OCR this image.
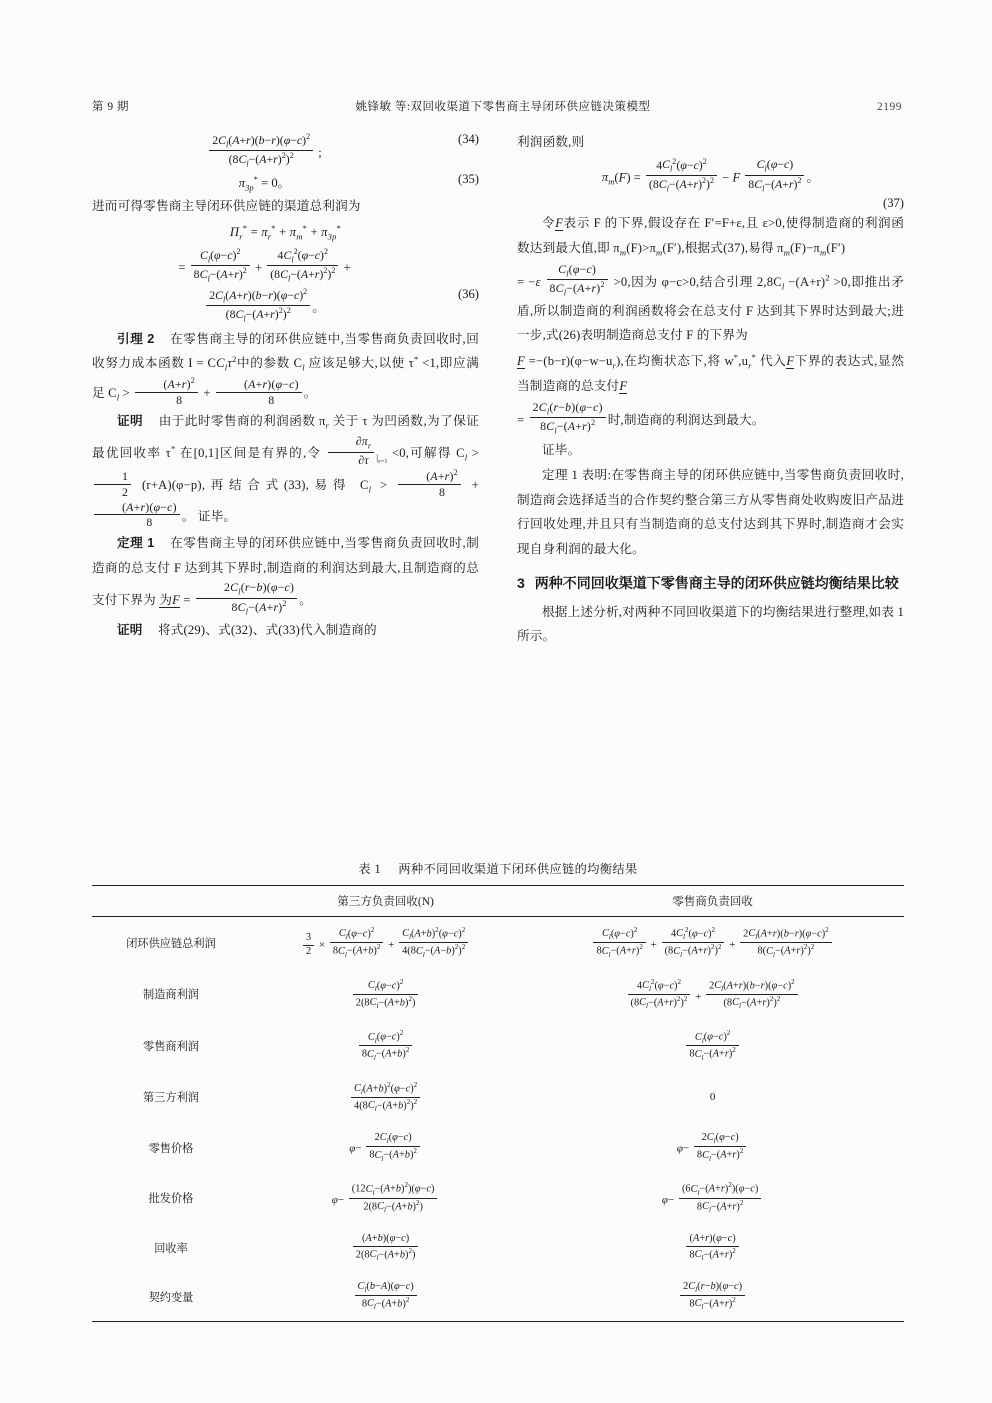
第 9 期	姚锋敏 等:双回收渠道下零售商主导闭环供应链决策模型	2199
$\frac{2C_l(A+r)(b-r)(\varphi-c)^2}{(8C_l-(A+r)^2)^2}$ ;
(34)
$\pi_{3p}^* = 0$。	(35)

进而可得零售商主导闭环供应链的渠道总利润为

$\Pi_r^* = \pi_r^* + \pi_m^* + \pi_{3p}^*$
= $\frac{C_l(\varphi-c)^2}{8C_l-(A+r)^2} + \frac{4C_l^2(\varphi-c)^2}{(8C_l-(A+r)^2)^2}$ +
$\frac{2C_l(A+r)(b-r)(\varphi-c)^2}{(8C_l-(A+r)^2)^2}$ 。
(36)

引理 2 在零售商主导的闭环供应链中,当零售商负责回收时,回收努力成本函数 $I = CC_l\tau^2$中的参数 $C_l$ 应该足够大,以使 τ* <1,即应满足 $C_l > \frac{(A+r)^2}{8} + \frac{(A+r)(\varphi-c)}{8}$ 。

证明 由于此时零售商的利润函数 $\pi_r$ 关于 τ 为凹函数,为了保证最优回收率 τ* 在[0,1]区间是有界的,令 $\frac{\partial\pi_r}{\partial\tau} _{|_{\varepsilon=1}} <0$,可解得 $C_l$ >
$\frac{1}{2} (r+A)(\varphi-p)$,再结合式(33),易得 $C_l > \frac{(A+r)^2}{8}$ +
$\frac{(A+r)(\varphi-c)}{8}$ 。 证毕。

定理 1 在零售商主导的闭环供应链中,当零售商负责回收时,制造商的总支付 F 达到其下界时,制造商的利润达到最大,且制造商的总支付下界为 为$F = \frac{2C_l(r-b)(\varphi-c)}{8C_l-(A+r)^2}$ 。

证明 将式(29)、式(32)、式(33)代入制造商的

利润函数,则

$\pi_m(F) = \frac{4C_l^2(\varphi-c)^2}{(8C_l-(A+r)^2)^2} - F \frac{C_l(\varphi-c)}{8C_l-(A+r)^2}$ 。
(37)

令F表示 F 的下界,假设存在 F′=F+ε,且 ε>0,使得制造商的利润函数达到最大值,即 $\pi_m(F)>\pi_m(F')$,根据式(37),易得 $\pi_m(F)-\pi_m(F')$

= $-\varepsilon \frac{C_l(\varphi-c)}{8C_l-(A+r)^2} >0$,因为 φ−c>0,结合引理 $2,8C_l -(A+r)^2 >0$,即推出矛盾,所以制造商的利润函数将会在总支付 F 达到其下界时达到最大;进一步,式(26)表明制造商总支付 F 的下界为

$F =-(b-r)(\varphi-w-u_r)$,在均衡状态下,将 $w^*,u_r^*$ 代入F下界的表达式,显然当制造商的总支付F

= $\frac{2C_l(r-b)(\varphi-c)}{8C_l-(A+r)^2}$ 时,制造商的利润达到最大。

证毕。

定理 1 表明:在零售商主导的闭环供应链中,当零售商负责回收时,制造商会选择适当的合作契约整合第三方从零售商处收购废旧产品进行回收处理,并且只有当制造商的总支付达到其下界时,制造商才会实现自身利润的最大化。

3 两种不同回收渠道下零售商主导的闭环供应链均衡结果比较

根据上述分析,对两种不同回收渠道下的均衡结果进行整理,如表 1 所示。

表 1 两种不同回收渠道下闭环供应链的均衡结果
	第三方负责回收(N)	零售商负责回收
闭环供应链总利润	$\frac{3}{2} \times \frac{C_l(\varphi-c)^2}{8C_l-(A+b)^2} + \frac{C_l(A+b)^2(\varphi-c)^2}{4(8C_l-(A-b)^2)^2}$	$\frac{C_l(\varphi-c)^2}{8C_l-(A+r)^2} + \frac{4C_l^2(\varphi-c)^2}{(8C_l-(A+r)^2)^2} + \frac{2C_l(A+r)(b-r)(\varphi-c)^2}{8(C_l-(A+r)^2)^2}$

制造商利润	$\frac{C_l(\varphi-c)^2}{2(8C_l-(A+b)^2)}$	$\frac{4C_l^2(\varphi-c)^2}{(8C_l-(A+r)^2)^2} + \frac{2C_l(A+r)(b-r)(\varphi-c)^2}{(8C_l-(A+r)^2)^2}$

零售商利润	$\frac{C_l(\varphi-c)^2}{8C_l-(A+b)^2}$	$\frac{C_l(\varphi-c)^2}{8C_l-(A+r)^2}$

第三方利润	$\frac{C_l(A+b)^2(\varphi-c)^2}{4(8C_l-(A+b)^2)^2}$	0
零售价格	$\varphi- \frac{2C_l(\varphi-c)}{8C_l-(A+b)^2}$	$\varphi- \frac{2C_l(\varphi-c)}{8C_l-(A+r)^2}$

批发价格	$\varphi- \frac{(12C_l-(A+b)^2)(\varphi-c)}{2(8C_l-(A+b)^2)}$	$\varphi- \frac{(6C_l-(A+r)^2)(\varphi-c)}{8C_l-(A+r)^2}$

回收率	$\frac{(A+b)(\varphi-c)}{2(8C_l-(A+b)^2)}$	$\frac{(A+r)(\varphi-c)}{8C_l-(A+r)^2}$

契约变量	$\frac{C_l(b-A)(\varphi-c)}{8C_l-(A+b)^2}$	$\frac{2C_l(r-b)(\varphi-c)}{8C_l-(A+r)^2}$
